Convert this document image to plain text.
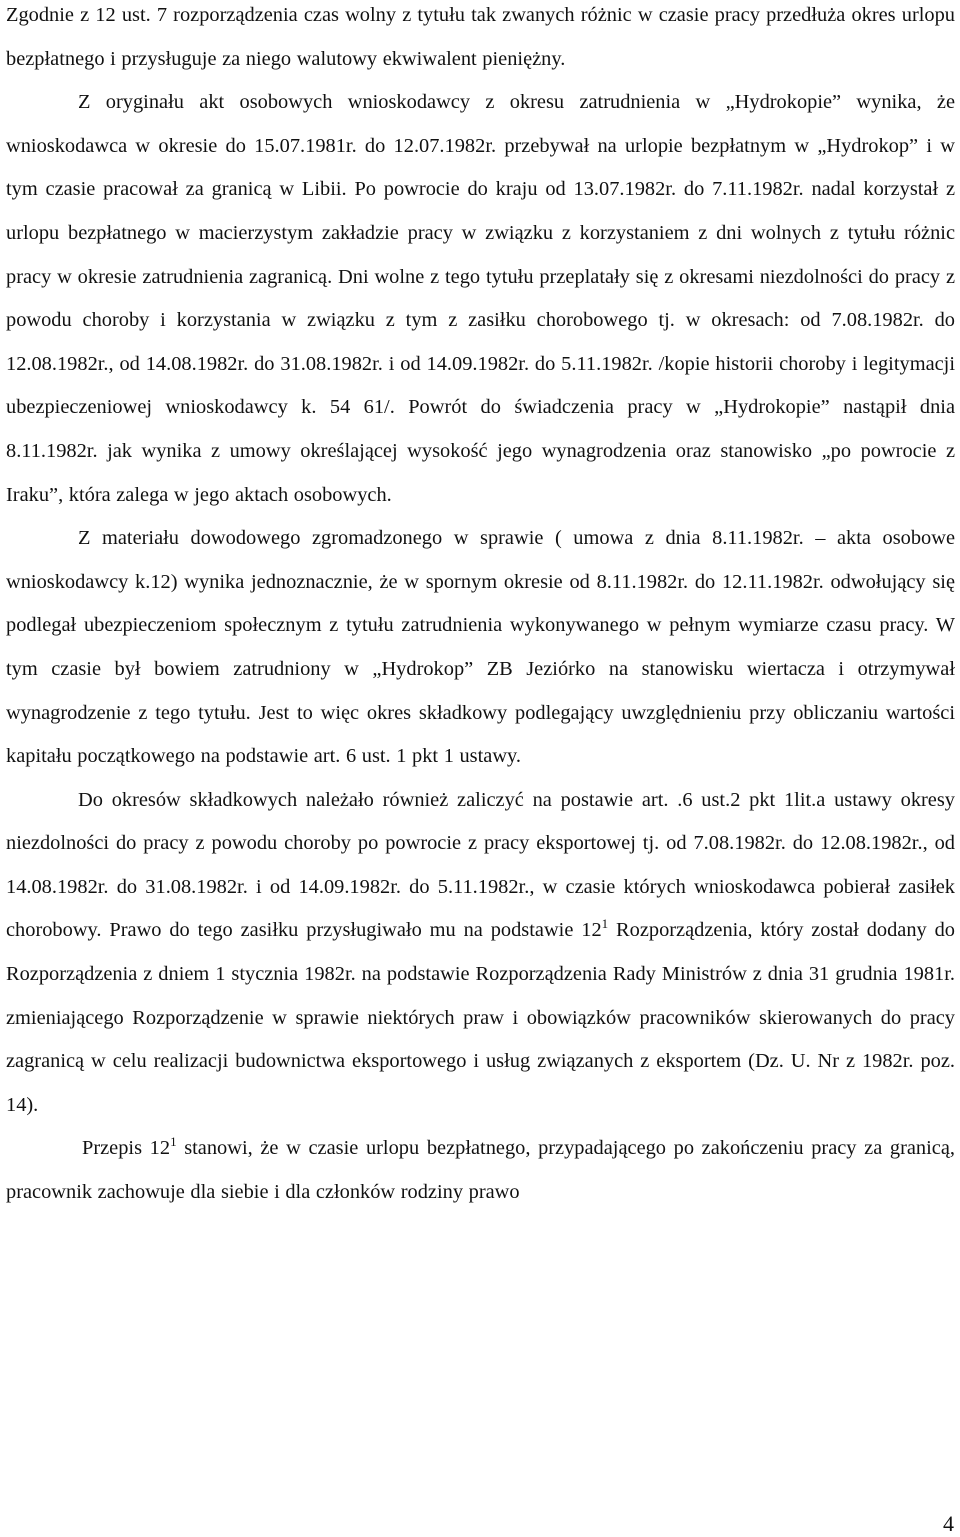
Zgodnie z 12 ust. 7 rozporządzenia czas wolny z tytułu tak zwanych różnic w czasie pracy przedłuża okres urlopu bezpłatnego i przysługuje za niego walutowy ekwiwalent pieniężny.

Z oryginału akt osobowych wnioskodawcy z okresu zatrudnienia w „Hydrokopie” wynika, że wnioskodawca w okresie do 15.07.1981r. do 12.07.1982r. przebywał na urlopie bezpłatnym w „Hydrokop” i w tym czasie pracował za granicą w Libii. Po powrocie do kraju od 13.07.1982r. do 7.11.1982r. nadal korzystał z urlopu bezpłatnego w macierzystym zakładzie pracy w związku z korzystaniem z dni wolnych z tytułu różnic pracy w okresie zatrudnienia zagranicą. Dni wolne z tego tytułu przeplatały się z okresami niezdolności do pracy z powodu choroby i korzystania w związku z tym z zasiłku chorobowego tj. w okresach: od 7.08.1982r. do 12.08.1982r., od 14.08.1982r. do 31.08.1982r. i od 14.09.1982r. do 5.11.1982r. /kopie historii choroby i legitymacji ubezpieczeniowej wnioskodawcy k. 54 61/. Powrót do świadczenia pracy w „Hydrokopie” nastąpił dnia 8.11.1982r. jak wynika z umowy określającej wysokość jego wynagrodzenia oraz stanowisko „po powrocie z Iraku”, która zalega w jego aktach osobowych.

Z materiału dowodowego zgromadzonego w sprawie ( umowa z dnia 8.11.1982r. – akta osobowe wnioskodawcy k.12) wynika jednoznacznie, że w spornym okresie od 8.11.1982r. do 12.11.1982r. odwołujący się podlegał ubezpieczeniom społecznym z tytułu zatrudnienia wykonywanego w pełnym wymiarze czasu pracy. W tym czasie był bowiem zatrudniony w „Hydrokop” ZB Jeziórko na stanowisku wiertacza i otrzymywał wynagrodzenie z tego tytułu. Jest to więc okres składkowy podlegający uwzględnieniu przy obliczaniu wartości kapitału początkowego na podstawie art. 6 ust. 1 pkt 1 ustawy.

Do okresów składkowych należało również zaliczyć na postawie art. .6 ust.2 pkt 1lit.a ustawy okresy niezdolności do pracy z powodu choroby po powrocie z pracy eksportowej tj. od 7.08.1982r. do 12.08.1982r., od 14.08.1982r. do 31.08.1982r. i od 14.09.1982r. do 5.11.1982r., w czasie których wnioskodawca pobierał zasiłek chorobowy. Prawo do tego zasiłku przysługiwało mu na podstawie $12^1$ Rozporządzenia, który został dodany do Rozporządzenia z dniem 1 stycznia 1982r. na podstawie Rozporządzenia Rady Ministrów z dnia 31 grudnia 1981r. zmieniającego Rozporządzenie w sprawie niektórych praw i obowiązków pracowników skierowanych do pracy zagranicą w celu realizacji budownictwa eksportowego i usług związanych z eksportem (Dz. U. Nr z 1982r. poz. 14).

Przepis $12^1$ stanowi, że w czasie urlopu bezpłatnego, przypadającego po zakończeniu pracy za granicą, pracownik zachowuje dla siebie i dla członków rodziny prawo

4
